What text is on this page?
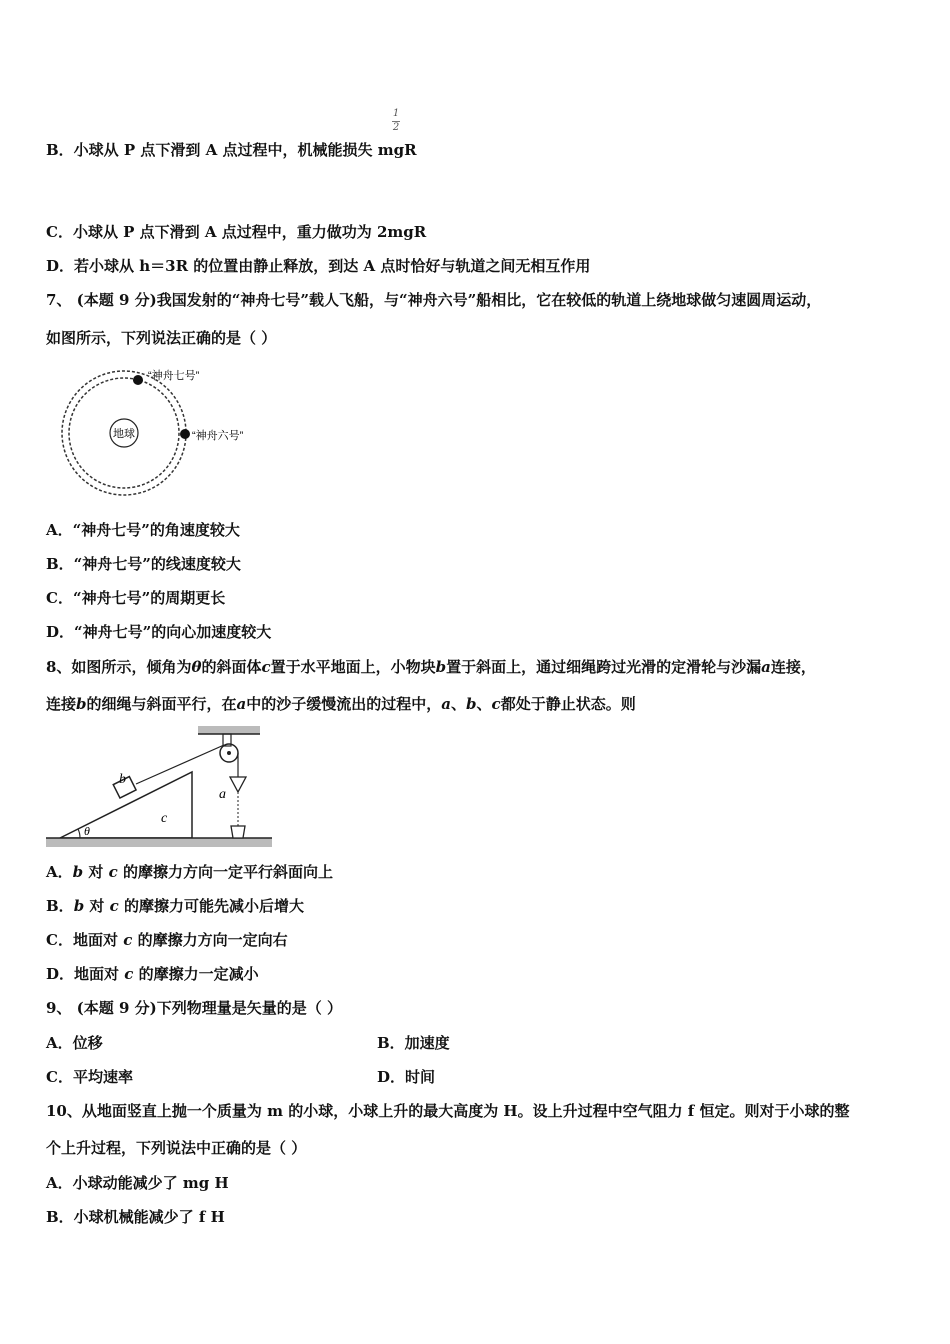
1
2
B．小球从 P 点下滑到 A 点过程中，机械能损失 mgR
C．小球从 P 点下滑到 A 点过程中，重力做功为 2mgR
D．若小球从 h＝3R 的位置由静止释放，到达 A 点时恰好与轨道之间无相互作用
7、 (本题 9 分)我国发射的“神舟七号”载人飞船，与“神舟六号”船相比，它在较低的轨道上绕地球做匀速圆周运动，
如图所示，下列说法正确的是（ ）
地球
“神舟七号”
“神舟六号”
A．“神舟七号”的角速度较大
B．“神舟七号”的线速度较大
C．“神舟七号”的周期更长
D．“神舟七号”的向心加速度较大
8、如图所示，倾角为θ的斜面体c置于水平地面上，小物块b置于斜面上，通过细绳跨过光滑的定滑轮与沙漏a连接，
连接b的细绳与斜面平行，在a中的沙子缓慢流出的过程中，a、b、c都处于静止状态。则
b
a
c
θ
A．b 对 c 的摩擦力方向一定平行斜面向上
B．b 对 c 的摩擦力可能先减小后增大
C．地面对 c 的摩擦力方向一定向右
D．地面对 c 的摩擦力一定减小
9、 (本题 9 分)下列物理量是矢量的是（ ）
A．位移	B．加速度
C．平均速率	D．时间
10、从地面竖直上抛一个质量为 m 的小球，小球上升的最大高度为 H。设上升过程中空气阻力 f 恒定。则对于小球的整
个上升过程，下列说法中正确的是（ ）
A．小球动能减少了 mg H
B．小球机械能减少了 f H
